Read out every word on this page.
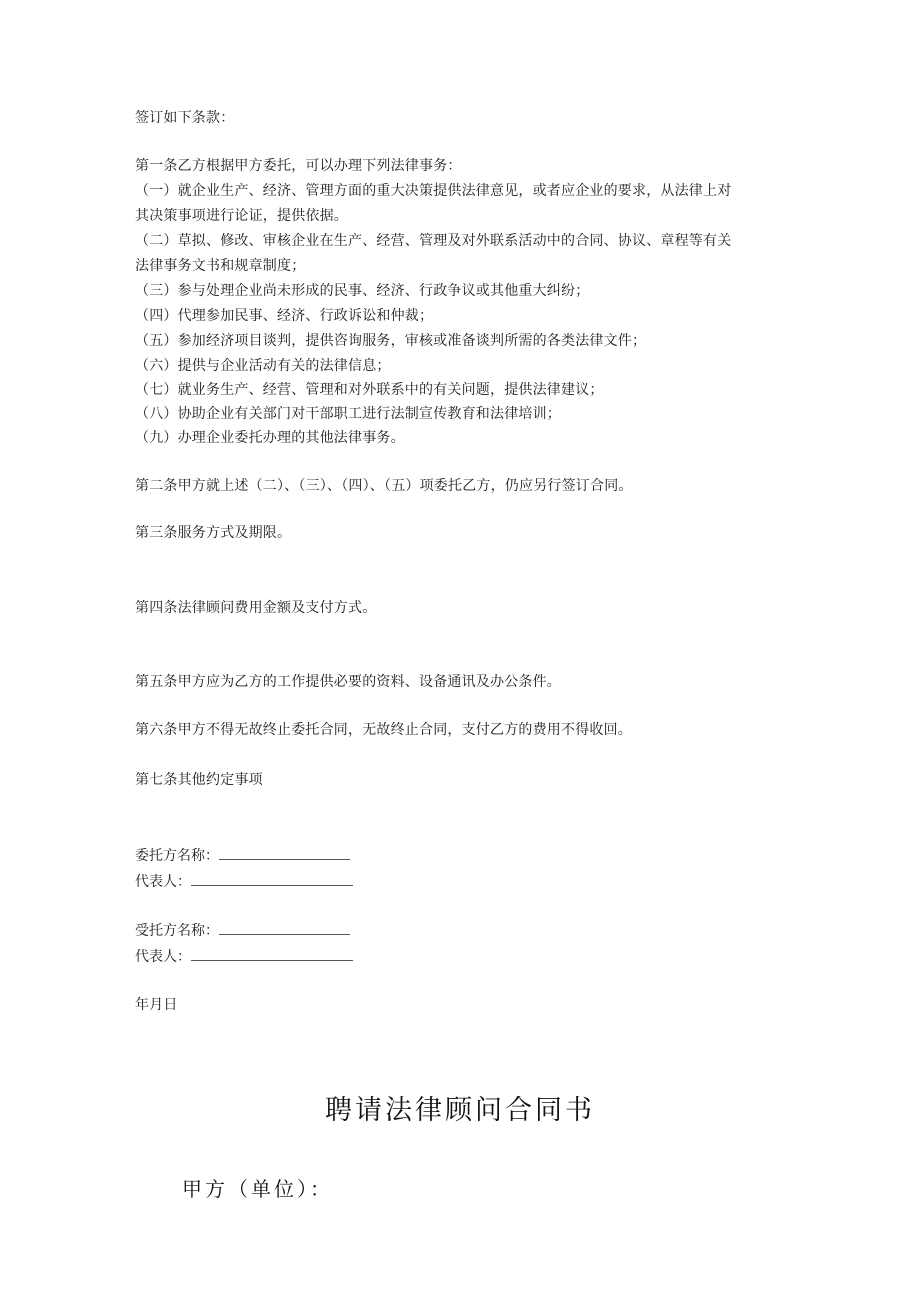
签订如下条款：
第一条乙方根据甲方委托，可以办理下列法律事务：
（一）就企业生产、经济、管理方面的重大决策提供法律意见，或者应企业的要求，从法律上对
其决策事项进行论证，提供依据。
（二）草拟、修改、审核企业在生产、经营、管理及对外联系活动中的合同、协议、章程等有关
法律事务文书和规章制度；
（三）参与处理企业尚未形成的民事、经济、行政争议或其他重大纠纷；
（四）代理参加民事、经济、行政诉讼和仲裁；
（五）参加经济项目谈判，提供咨询服务，审核或准备谈判所需的各类法律文件；
（六）提供与企业活动有关的法律信息；
（七）就业务生产、经营、管理和对外联系中的有关问题，提供法律建议；
（八）协助企业有关部门对干部职工进行法制宣传教育和法律培训；
（九）办理企业委托办理的其他法律事务。
第二条甲方就上述（二）、（三）、（四）、（五）项委托乙方，仍应另行签订合同。
第三条服务方式及期限。
第四条法律顾问费用金额及支付方式。
第五条甲方应为乙方的工作提供必要的资料、设备通讯及办公条件。
第六条甲方不得无故终止委托合同，无故终止合同，支付乙方的费用不得收回。
第七条其他约定事项
委托方名称：
代表人：
受托方名称：
代表人：
年月日
聘请法律顾问合同书
甲方（单位）：
